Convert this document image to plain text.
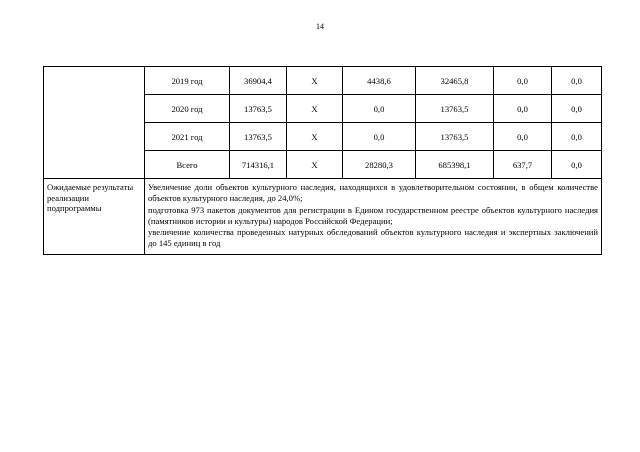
14
	2019 год	36904,4	Х	4438,6	32465,8	0,0	0,0
	2020 год	13763,5	Х	0,0	13763,5	0,0	0,0
	2021 год	13763,5	Х	0,0	13763,5	0,0	0,0
	Всего	714316,1	Х	28280,3	685398,1	637,7	0,0
Ожидаемые результаты реализации подпрограммы	Увеличение доли объектов культурного наследия, находящихся в удовлетворительном состоянии, в общем количестве объектов культурного наследия, до 24,0%;

подготовка 973 пакетов документов для регистрации в Едином государственном реестре объектов культурного наследия (памятников истории и культуры) народов Российской Федерации;

увеличение количества проведенных натурных обследований объектов культурного наследия и экспертных заключений до 145 единиц в год						
